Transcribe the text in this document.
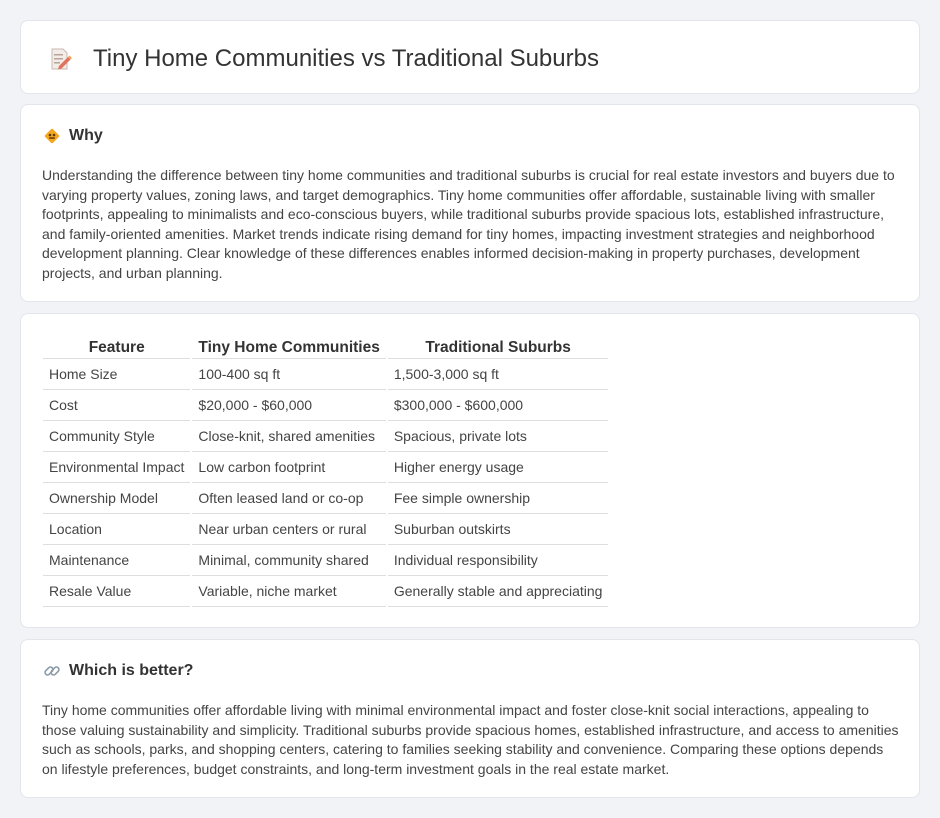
Tiny Home Communities vs Traditional Suburbs
Why

Understanding the difference between tiny home communities and traditional suburbs is crucial for real estate investors and buyers due to varying property values, zoning laws, and target demographics. Tiny home communities offer affordable, sustainable living with smaller footprints, appealing to minimalists and eco-conscious buyers, while traditional suburbs provide spacious lots, established infrastructure, and family-oriented amenities. Market trends indicate rising demand for tiny homes, impacting investment strategies and neighborhood development planning. Clear knowledge of these differences enables informed decision-making in property purchases, development projects, and urban planning.

Feature	Tiny Home Communities	Traditional Suburbs
Home Size	100-400 sq ft	1,500-3,000 sq ft
Cost	$20,000 - $60,000	$300,000 - $600,000
Community Style	Close-knit, shared amenities	Spacious, private lots
Environmental Impact	Low carbon footprint	Higher energy usage
Ownership Model	Often leased land or co-op	Fee simple ownership
Location	Near urban centers or rural	Suburban outskirts
Maintenance	Minimal, community shared	Individual responsibility
Resale Value	Variable, niche market	Generally stable and appreciating
Which is better?

Tiny home communities offer affordable living with minimal environmental impact and foster close-knit social interactions, appealing to those valuing sustainability and simplicity. Traditional suburbs provide spacious homes, established infrastructure, and access to amenities such as schools, parks, and shopping centers, catering to families seeking stability and convenience. Comparing these options depends on lifestyle preferences, budget constraints, and long-term investment goals in the real estate market.
